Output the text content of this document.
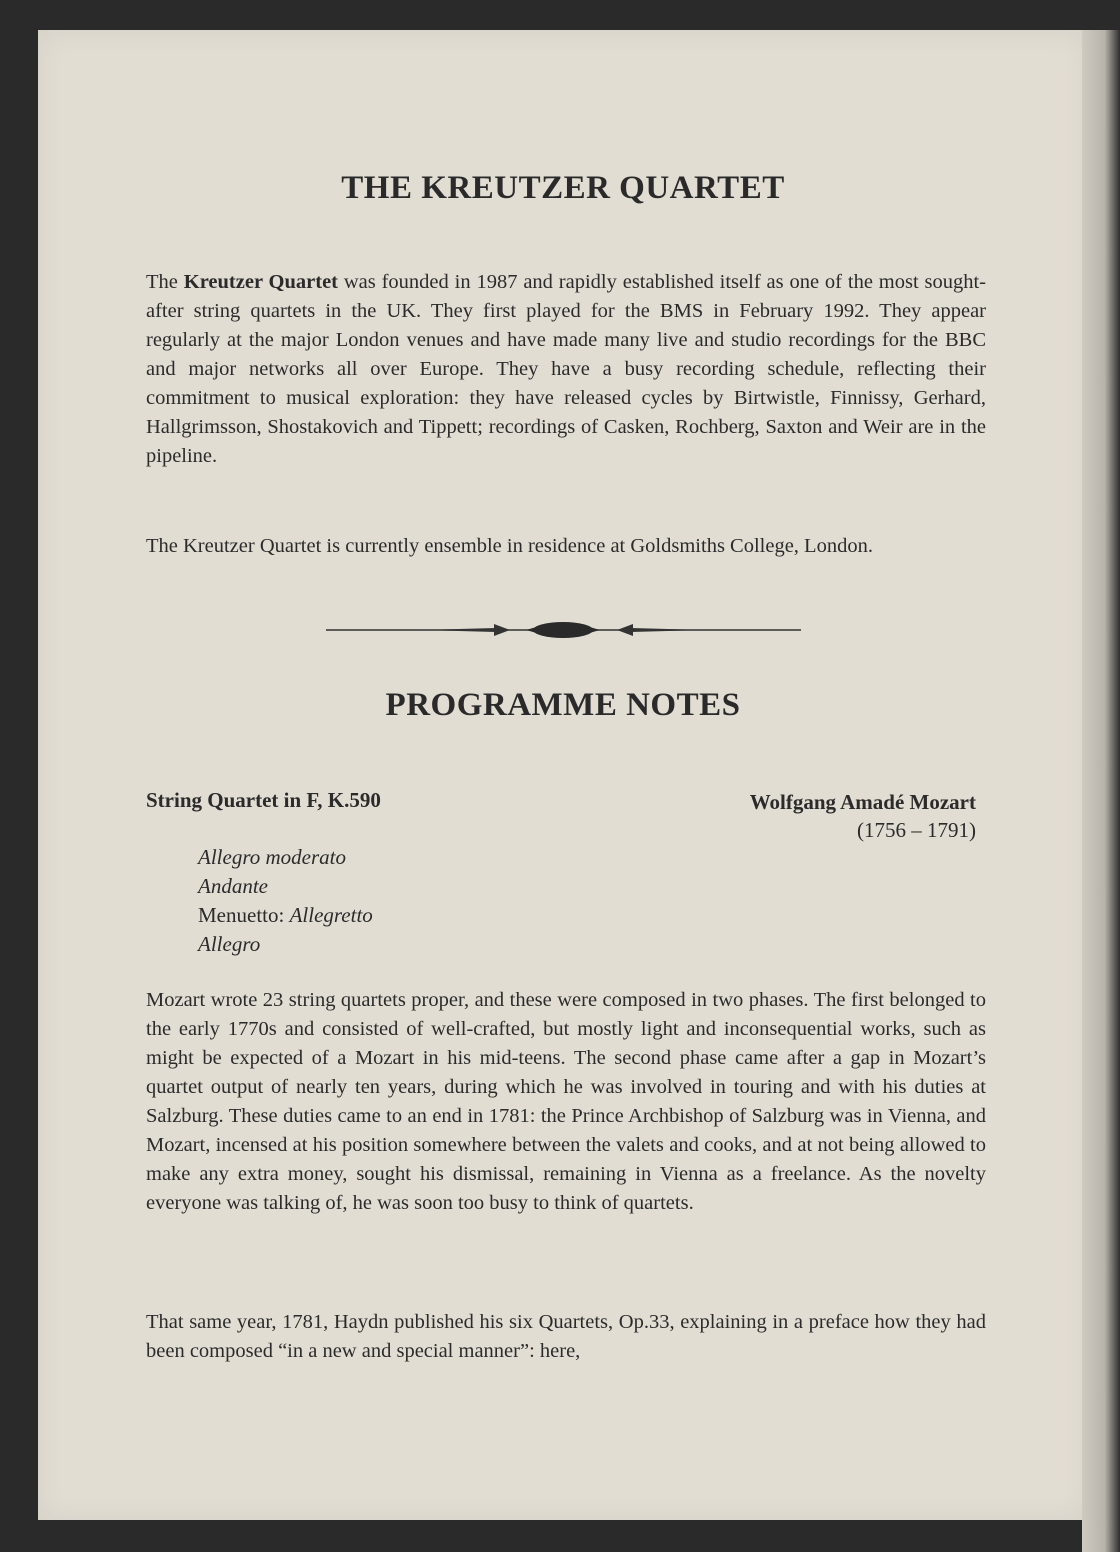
THE KREUTZER QUARTET

The Kreutzer Quartet was founded in 1987 and rapidly established itself as one of the most sought-after string quartets in the UK. They first played for the BMS in February 1992. They appear regularly at the major London venues and have made many live and studio recordings for the BBC and major networks all over Europe. They have a busy recording schedule, reflecting their commitment to musical exploration: they have released cycles by Birtwistle, Finnissy, Gerhard, Hallgrimsson, Shostakovich and Tippett; recordings of Casken, Rochberg, Saxton and Weir are in the pipeline.

The Kreutzer Quartet is currently ensemble in residence at Goldsmiths College, London.

PROGRAMME NOTES
String Quartet in F, K.590	Wolfgang Amadé Mozart
(1756 – 1791)
Allegro moderato
Andante
Menuetto: Allegretto
Allegro

Mozart wrote 23 string quartets proper, and these were composed in two phases. The first belonged to the early 1770s and consisted of well-crafted, but mostly light and inconsequential works, such as might be expected of a Mozart in his mid-teens. The second phase came after a gap in Mozart’s quartet output of nearly ten years, during which he was involved in touring and with his duties at Salzburg. These duties came to an end in 1781: the Prince Archbishop of Salzburg was in Vienna, and Mozart, incensed at his position somewhere between the valets and cooks, and at not being allowed to make any extra money, sought his dismissal, remaining in Vienna as a freelance. As the novelty everyone was talking of, he was soon too busy to think of quartets.

That same year, 1781, Haydn published his six Quartets, Op.33, explaining in a preface how they had been composed “in a new and special manner”: here,
